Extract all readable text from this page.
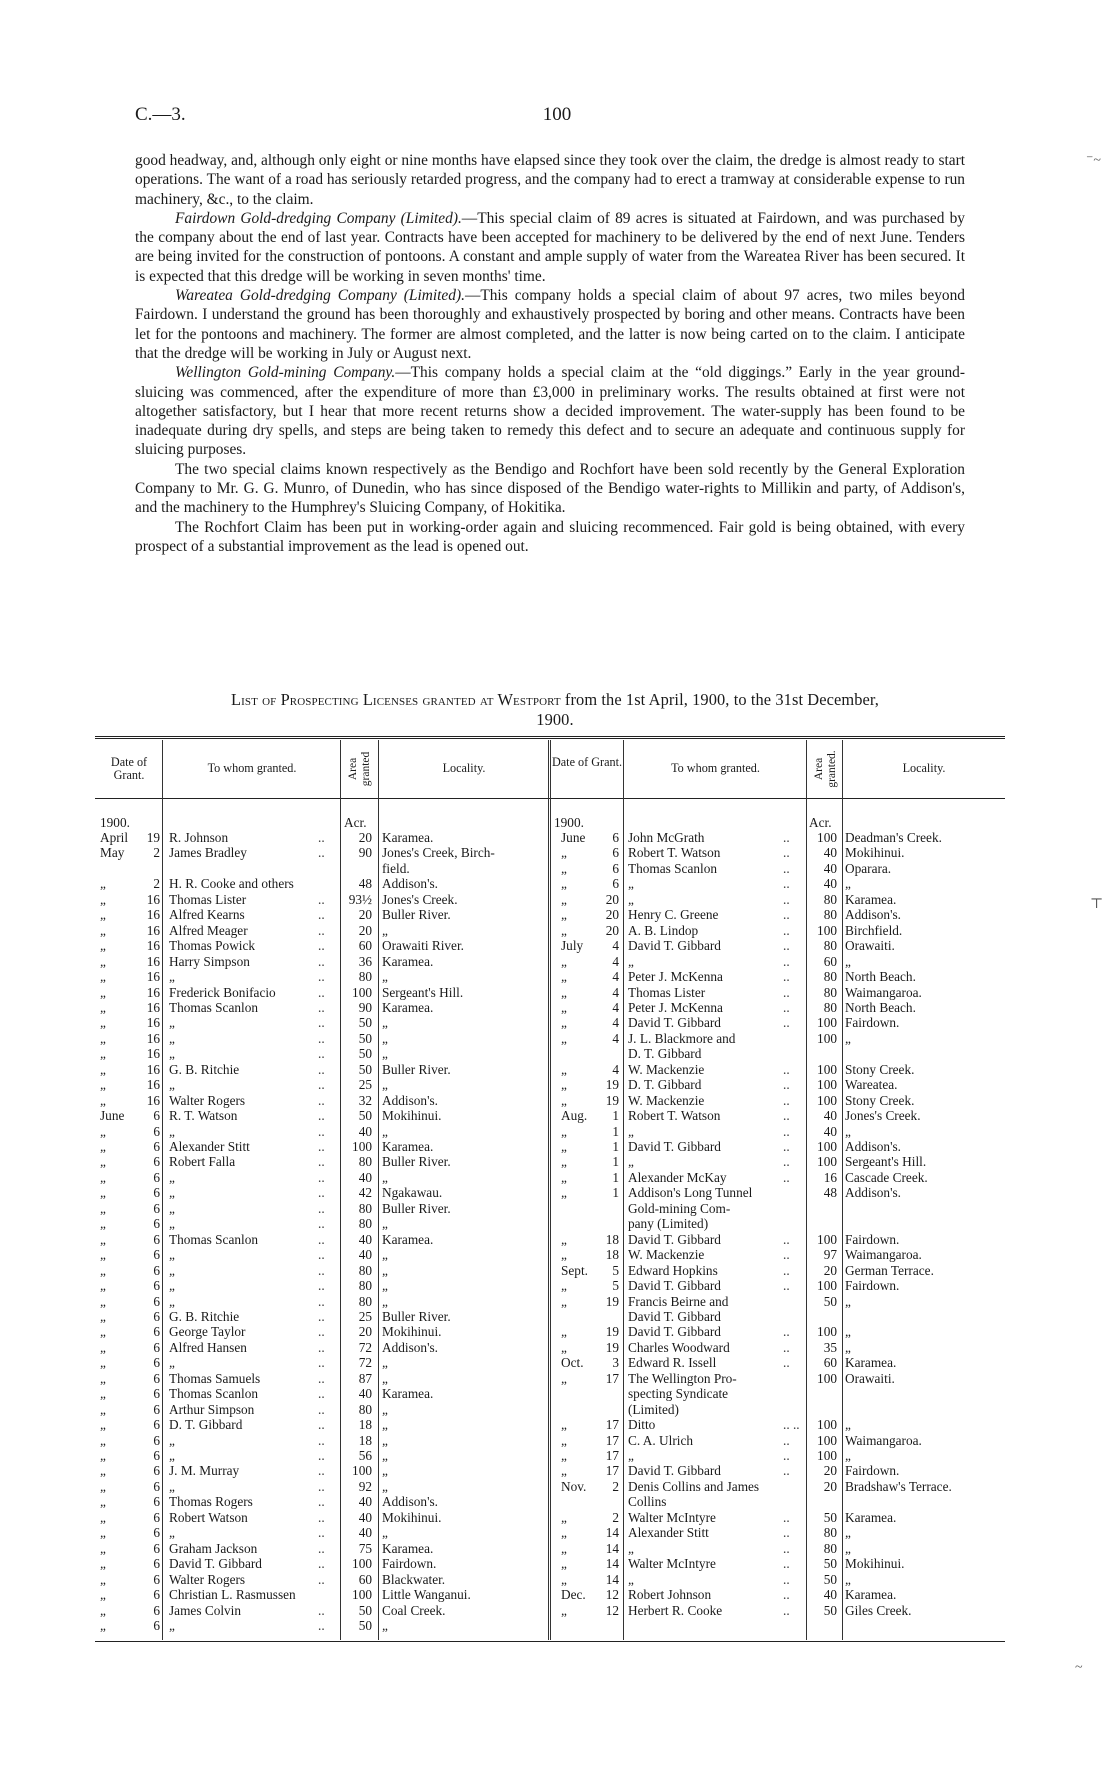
C.—3.	100

good headway, and, although only eight or nine months have elapsed since they took over the claim, the dredge is almost ready to start operations. The want of a road has seriously retarded progress, and the company had to erect a tramway at considerable expense to run machinery, &c., to the claim.

Fairdown Gold-dredging Company (Limited).—This special claim of 89 acres is situated at Fairdown, and was purchased by the company about the end of last year. Contracts have been accepted for machinery to be delivered by the end of next June. Tenders are being invited for the construction of pontoons. A constant and ample supply of water from the Wareatea River has been secured. It is expected that this dredge will be working in seven months' time.

Wareatea Gold-dredging Company (Limited).—This company holds a special claim of about 97 acres, two miles beyond Fairdown. I understand the ground has been thoroughly and exhaustively prospected by boring and other means. Contracts have been let for the pontoons and machinery. The former are almost completed, and the latter is now being carted on to the claim. I anticipate that the dredge will be working in July or August next.

Wellington Gold-mining Company.—This company holds a special claim at the “old diggings.” Early in the year ground-sluicing was commenced, after the expenditure of more than £3,000 in preliminary works. The results obtained at first were not altogether satisfactory, but I hear that more recent returns show a decided improvement. The water-supply has been found to be inadequate during dry spells, and steps are being taken to remedy this defect and to secure an adequate and continuous supply for sluicing purposes.

The two special claims known respectively as the Bendigo and Rochfort have been sold recently by the General Exploration Company to Mr. G. G. Munro, of Dunedin, who has since disposed of the Bendigo water-rights to Millikin and party, of Addison's, and the machinery to the Humphrey's Sluicing Company, of Hokitika.

The Rochfort Claim has been put in working-order again and sluicing recommenced. Fair gold is being obtained, with every prospect of a substantial improvement as the lead is opened out.

List of Prospecting Licenses granted at Westport from the 1st April, 1900, to the 31st December,
1900.
Date of Grant.	To whom granted.	Areagranted	Locality.	Date of Grant.	To whom granted.	Areagranted.	Locality.
1900.	Acr.	1900.	Acr.
April	19 R. Johnson	..	20 Karamea.
May	2 James Bradley	..	90 Jones's Creek, Birch-
field.
„	2 H. R. Cooke and others	48 Addison's.
„	16 Thomas Lister	..	93½ Jones's Creek.
„	16 Alfred Kearns	..	20 Buller River.
„	16 Alfred Meager	..	20 „
„	16 Thomas Powick	..	60 Orawaiti River.
„	16 Harry Simpson	..	36 Karamea.
„	16 „	..	80 „
„	16 Frederick Bonifacio	..	100 Sergeant's Hill.
„	16 Thomas Scanlon	..	90 Karamea.
„	16 „	..	50 „
„	16 „	..	50 „
„	16 „	..	50 „
„	16 G. B. Ritchie	..	50 Buller River.
„	16 „	..	25 „
„	16 Walter Rogers	..	32 Addison's.
June	6 R. T. Watson	..	50 Mokihinui.
„	6 „	..	40 „
„	6 Alexander Stitt	..	100 Karamea.
„	6 Robert Falla	..	80 Buller River.
„	6 „	..	40 „
„	6 „	..	42 Ngakawau.
„	6 „	..	80 Buller River.
„	6 „	..	80 „
„	6 Thomas Scanlon	..	40 Karamea.
„	6 „	..	40 „
„	6 „	..	80 „
„	6 „	..	80 „
„	6 „	..	80 „
„	6 G. B. Ritchie	..	25 Buller River.
„	6 George Taylor	..	20 Mokihinui.
„	6 Alfred Hansen	..	72 Addison's.
„	6 „	..	72 „
„	6 Thomas Samuels	..	87 „
„	6 Thomas Scanlon	..	40 Karamea.
„	6 Arthur Simpson	..	80 „
„	6 D. T. Gibbard	..	18 „
„	6 „	..	18 „
„	6 „	..	56 „
„	6 J. M. Murray	..	100 „
„	6 „	..	92 „
„	6 Thomas Rogers	..	40 Addison's.
„	6 Robert Watson	..	40 Mokihinui.
„	6 „	..	40 „
„	6 Graham Jackson	..	75 Karamea.
„	6 David T. Gibbard	..	100 Fairdown.
„	6 Walter Rogers	..	60 Blackwater.
„	6 Christian L. Rasmussen	100 Little Wanganui.
„	6 James Colvin	..	50 Coal Creek.
„	6 „	..	50 „
June	6 John McGrath	..	100 Deadman's Creek.
„	6 Robert T. Watson	..	40 Mokihinui.
„	6 Thomas Scanlon	..	40 Oparara.
„	6 „	..	40 „
„	20 „	..	80 Karamea.
„	20 Henry C. Greene	..	80 Addison's.
„	20 A. B. Lindop	..	100 Birchfield.
July	4 David T. Gibbard	..	80 Orawaiti.
„	4 „	..	60 „
„	4 Peter J. McKenna	..	80 North Beach.
„	4 Thomas Lister	..	80 Waimangaroa.
„	4 Peter J. McKenna	..	80 North Beach.
„	4 David T. Gibbard	..	100 Fairdown.
„	4 J. L. Blackmore and	100 „
D. T. Gibbard
„	4 W. Mackenzie	..	100 Stony Creek.
„	19 D. T. Gibbard	..	100 Wareatea.
„	19 W. Mackenzie	..	100 Stony Creek.
Aug.	1 Robert T. Watson	..	40 Jones's Creek.
„	1 „	..	40 „
„	1 David T. Gibbard	..	100 Addison's.
„	1 „	..	100 Sergeant's Hill.
„	1 Alexander McKay	..	16 Cascade Creek.
„	1 Addison's Long Tunnel	48 Addison's.
Gold-mining Com-
pany (Limited)
„	18 David T. Gibbard	..	100 Fairdown.
„	18 W. Mackenzie	..	97 Waimangaroa.
Sept.	5 Edward Hopkins	..	20 German Terrace.
„	5 David T. Gibbard	..	100 Fairdown.
„	19 Francis Beirne and	50 „
David T. Gibbard
„	19 David T. Gibbard	..	100 „
„	19 Charles Woodward	..	35 „
Oct.	3 Edward R. Issell	..	60 Karamea.
„	17 The Wellington Pro-	100 Orawaiti.
specting Syndicate
(Limited)
„	17 Ditto	.. ..	100 „
„	17 C. A. Ulrich	..	100 Waimangaroa.
„	17 „	..	100 „
„	17 David T. Gibbard	..	20 Fairdown.
Nov.	2 Denis Collins and James	20 Bradshaw's Terrace.
Collins
„	2 Walter McIntyre	..	50 Karamea.
„	14 Alexander Stitt	..	80 „
„	14 „	..	80 „
„	14 Walter McIntyre	..	50 Mokihinui.
„	14 „	..	50 „
Dec.	12 Robert Johnson	..	40 Karamea.
„	12 Herbert R. Cooke	..	50 Giles Creek.
⁻~
⊤
~
